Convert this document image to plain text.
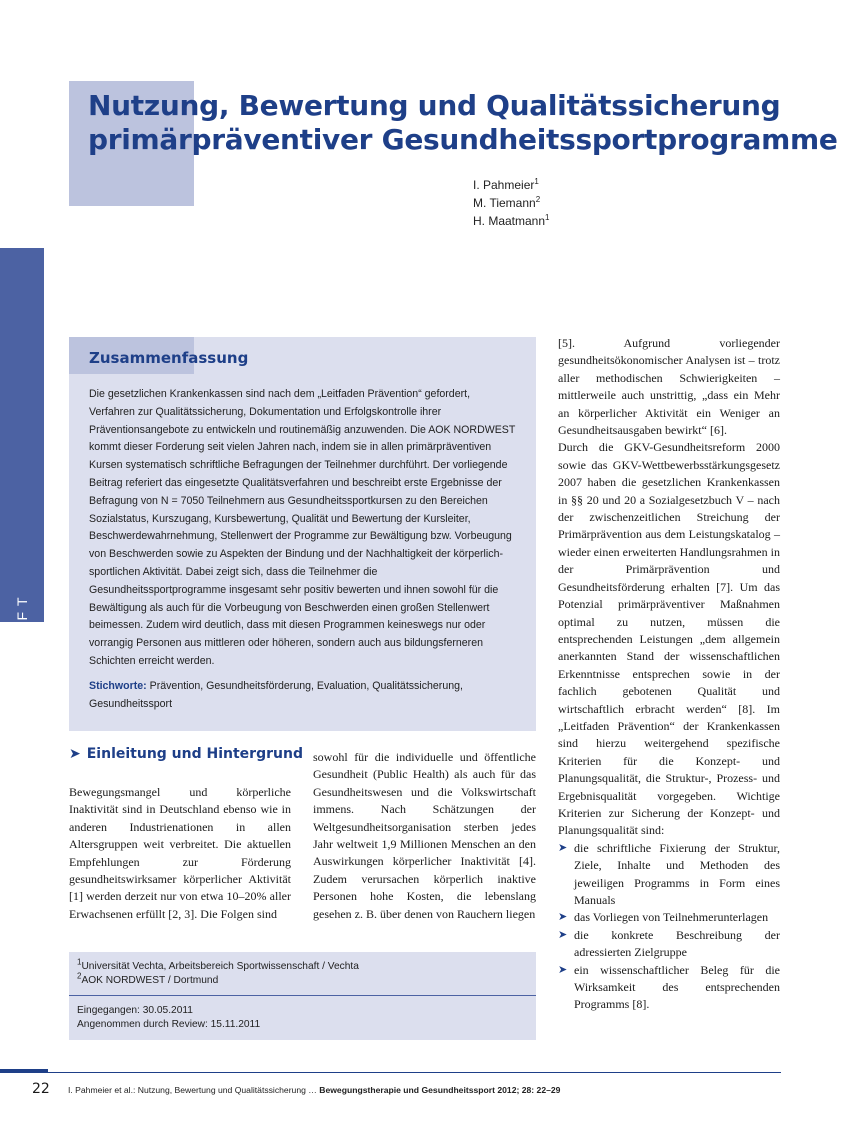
Nutzung, Bewertung und Qualitätssicherung
primärpräventiver Gesundheitssportprogramme
I. Pahmeier$^1$
M. Tiemann$^2$
H. Maatmann$^1$
WISSENSCHAFT
Zusammenfassung

Die gesetzlichen Krankenkassen sind nach dem „Leitfaden Prävention“ gefordert, Verfahren zur Qualitätssicherung, Dokumentation und Erfolgskontrolle ihrer Präventionsangebote zu entwickeln und routinemäßig anzuwenden. Die AOK NORDWEST kommt dieser Forderung seit vielen Jahren nach, indem sie in allen primärpräventiven Kursen systematisch schriftliche Befragungen der Teilnehmer durchführt. Der vorliegende Beitrag referiert das eingesetzte Qualitätsverfahren und beschreibt erste Ergebnisse der Befragung von N = 7050 Teilnehmern aus Gesundheitssportkursen zu den Bereichen Sozialstatus, Kurszugang, Kursbewertung, Qualität und Bewertung der Kursleiter, Beschwerdewahrnehmung, Stellenwert der Programme zur Bewältigung bzw. Vorbeugung von Beschwerden sowie zu Aspekten der Bindung und der Nachhaltigkeit der körperlich-sportlichen Aktivität. Dabei zeigt sich, dass die Teilnehmer die Gesundheitssportprogramme insgesamt sehr positiv bewerten und ihnen sowohl für die Bewältigung als auch für die Vorbeugung von Beschwerden einen großen Stellenwert beimessen. Zudem wird deutlich, dass mit diesen Programmen keineswegs nur oder vorrangig Personen aus mittleren oder höheren, sondern auch aus bildungsferneren Schichten erreicht werden.

Stichworte: Prävention, Gesundheitsförderung, Evaluation, Qualitätssicherung, Gesundheitssport

➤ Einleitung und Hintergrund

Bewegungsmangel und körperliche Inaktivität sind in Deutschland ebenso wie in anderen Industrienationen in allen Altersgruppen weit verbreitet. Die aktuellen Empfehlungen zur Förderung gesundheitswirksamer körperlicher Aktivität [1] werden derzeit nur von etwa 10–20% aller Erwachsenen erfüllt [2, 3]. Die Folgen sind

sowohl für die individuelle und öffentliche Gesundheit (Public Health) als auch für das Gesundheitswesen und die Volkswirtschaft immens. Nach Schätzungen der Weltgesundheitsorganisation sterben jedes Jahr weltweit 1,9 Millionen Menschen an den Auswirkungen körperlicher Inaktivität [4]. Zudem verursachen körperlich inaktive Personen hohe Kosten, die lebenslang gesehen z. B. über denen von Rauchern liegen

[5]. Aufgrund vorliegender gesundheitsökonomischer Analysen ist – trotz aller methodischen Schwierigkeiten – mittlerweile auch unstrittig, „dass ein Mehr an körperlicher Aktivität ein Weniger an Gesundheitsausgaben bewirkt“ [6].

Durch die GKV-Gesundheitsreform 2000 sowie das GKV-Wettbewerbsstärkungsgesetz 2007 haben die gesetzlichen Krankenkassen in §§ 20 und 20 a Sozialgesetzbuch V – nach der zwischenzeitlichen Streichung der Primärprävention aus dem Leistungskatalog – wieder einen erweiterten Handlungsrahmen in der Primärprävention und Gesundheitsförderung erhalten [7]. Um das Potenzial primärpräventiver Maßnahmen optimal zu nutzen, müssen die entsprechenden Leistungen „dem allgemein anerkannten Stand der wissenschaftlichen Erkenntnisse entsprechen sowie in der fachlich gebotenen Qualität und wirtschaftlich erbracht werden“ [8]. Im „Leitfaden Prävention“ der Krankenkassen sind hierzu weitergehend spezifische Kriterien für die Konzept- und Planungsqualität, die Struktur-, Prozess- und Ergebnisqualität vorgegeben. Wichtige Kriterien zur Sicherung der Konzept- und Planungsqualität sind:

➤ die schriftliche Fixierung der Struktur, Ziele, Inhalte und Methoden des jeweiligen Programms in Form eines Manuals
➤ das Vorliegen von Teilnehmerunterlagen
➤ die konkrete Beschreibung der adressierten Zielgruppe
➤ ein wissenschaftlicher Beleg für die Wirksamkeit des entsprechenden Programms [8].
$^1$Universität Vechta, Arbeitsbereich Sportwissenschaft / Vechta
$^2$AOK NORDWEST / Dortmund
Eingegangen: 30.05.2011
Angenommen durch Review: 15.11.2011
22 I. Pahmeier et al.: Nutzung, Bewertung und Qualitätssicherung … Bewegungstherapie und Gesundheitssport 2012; 28: 22–29
